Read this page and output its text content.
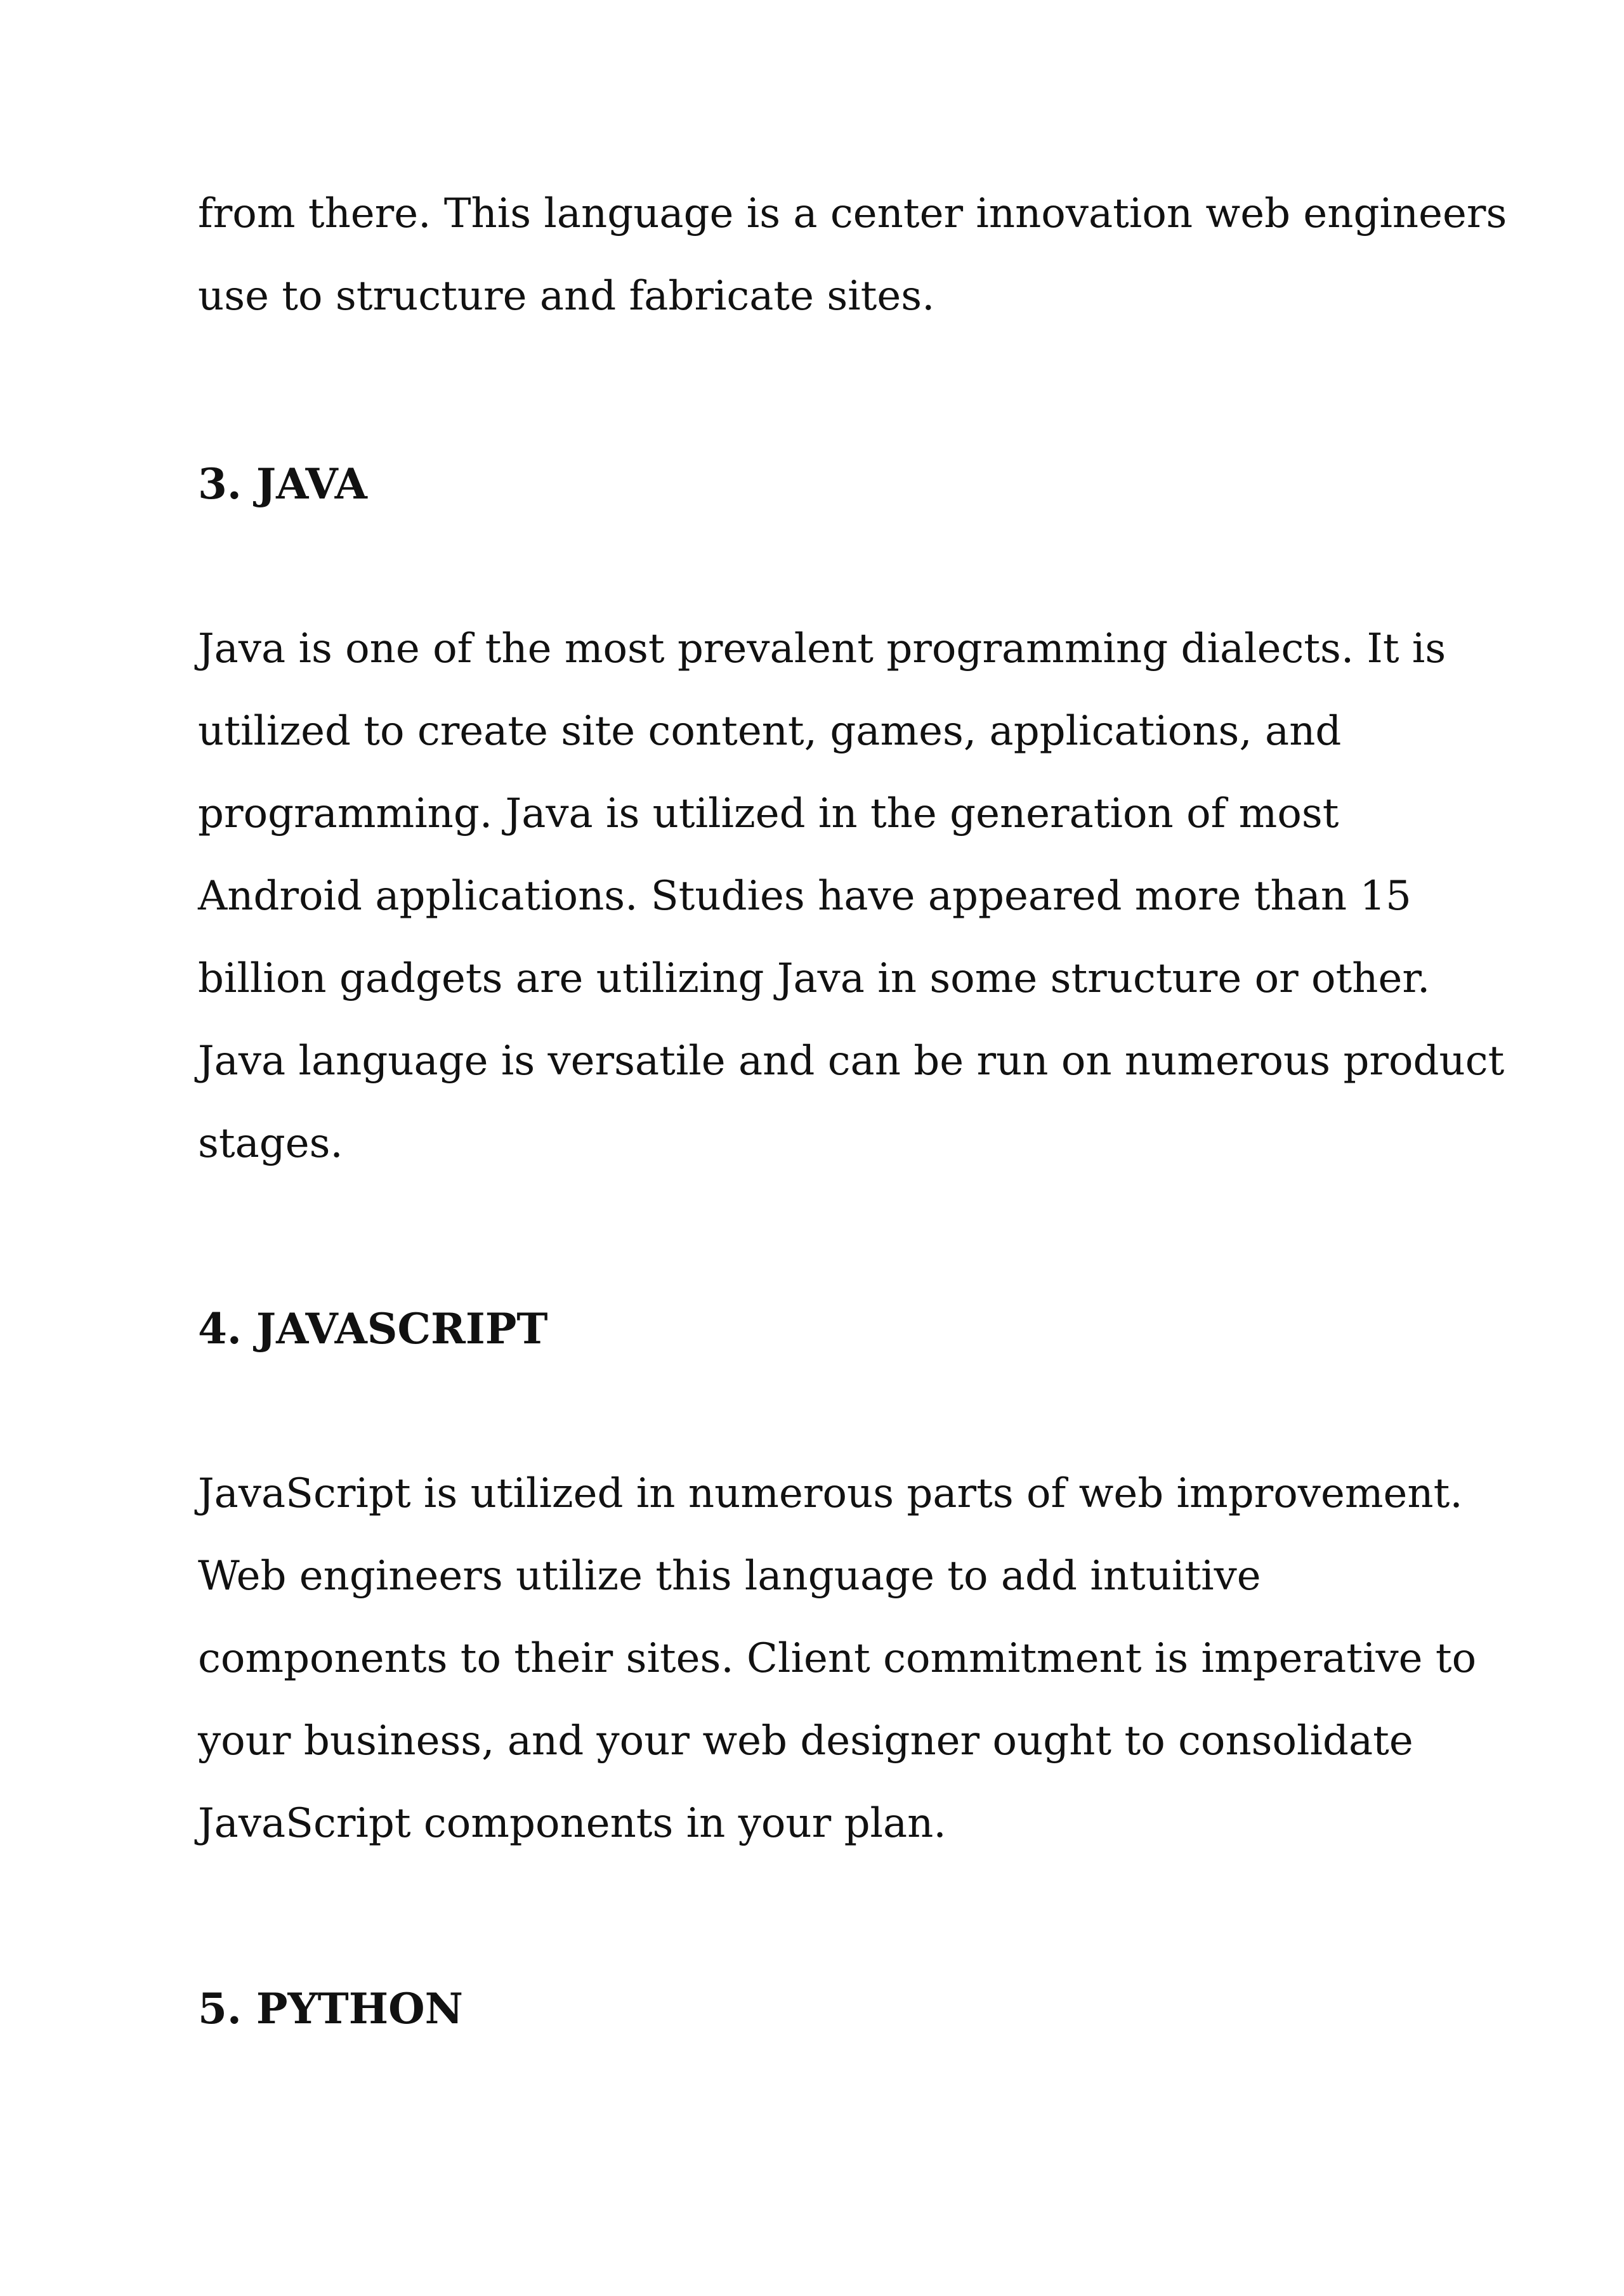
from there. This language is a center innovation web engineers
use to structure and fabricate sites.

3. JAVA

Java is one of the most prevalent programming dialects. It is
utilized to create site content, games, applications, and
programming. Java is utilized in the generation of most
Android applications. Studies have appeared more than 15
billion gadgets are utilizing Java in some structure or other.
Java language is versatile and can be run on numerous product
stages.

4. JAVASCRIPT

JavaScript is utilized in numerous parts of web improvement.
Web engineers utilize this language to add intuitive
components to their sites. Client commitment is imperative to
your business, and your web designer ought to consolidate
JavaScript components in your plan.

5. PYTHON
